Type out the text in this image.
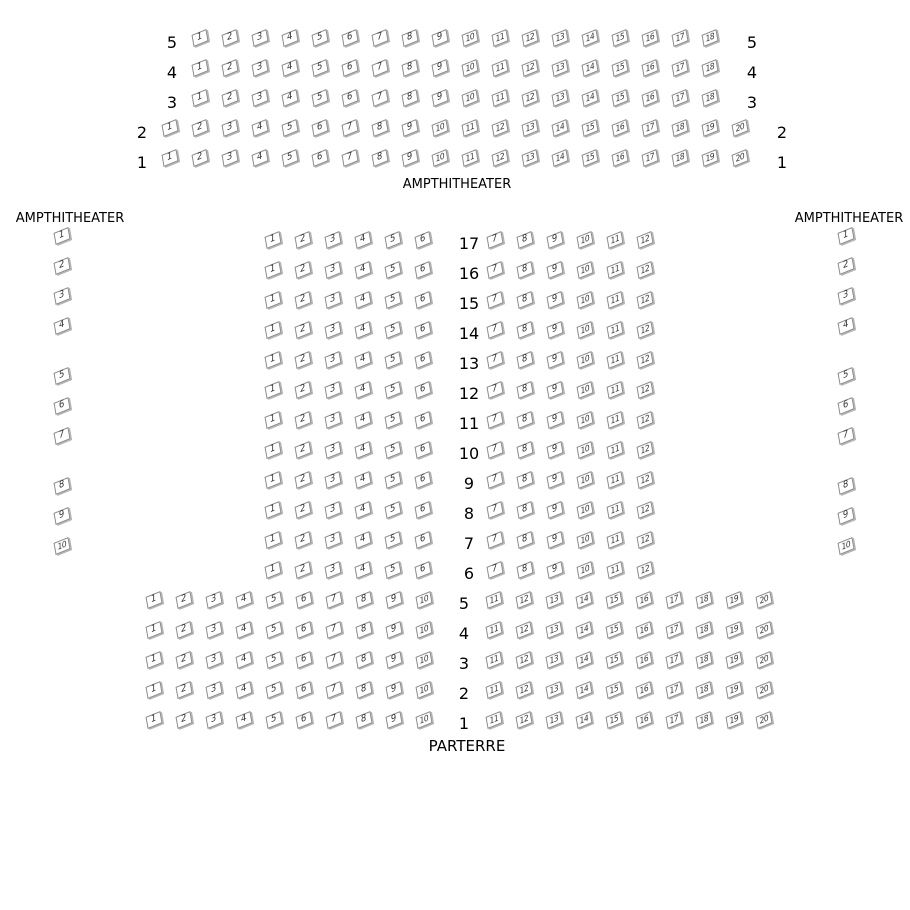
AMPTHITHEATER
AMPTHITHEATER	AMPTHITHEATER
PARTERRE
1	2	3	4	5	6	7	8	9	10	11	12	13	14	15	16	17	18
5	5
1	2	3	4	5	6	7	8	9	10	11	12	13	14	15	16	17	18
4	4
1	2	3	4	5	6	7	8	9	10	11	12	13	14	15	16	17	18
3	3
1	2	3	4	5	6	7	8	9	10	11	12	13	14	15	16	17	18	19	20
2	2
1	2	3	4	5	6	7	8	9	10	11	12	13	14	15	16	17	18	19	20
1	1
1
2
3
4
5
6
7
8
9
10
1
2
3
4
5
6
7
8
9
10
1	2	3	4	5	6	7	8	9	10	11	12
17
1	2	3	4	5	6	7	8	9	10	11	12
16
1	2	3	4	5	6	7	8	9	10	11	12
15
1	2	3	4	5	6	7	8	9	10	11	12
14
1	2	3	4	5	6	7	8	9	10	11	12
13
1	2	3	4	5	6	7	8	9	10	11	12
12
1	2	3	4	5	6	7	8	9	10	11	12
11
1	2	3	4	5	6	7	8	9	10	11	12
10
1	2	3	4	5	6	7	8	9	10	11	12
9
1	2	3	4	5	6	7	8	9	10	11	12
8
1	2	3	4	5	6	7	8	9	10	11	12
7
1	2	3	4	5	6	7	8	9	10	11	12
6
1	2	3	4	5	6	7	8	9	10	11	12	13	14	15	16	17	18	19	20
5
1	2	3	4	5	6	7	8	9	10	11	12	13	14	15	16	17	18	19	20
4
1	2	3	4	5	6	7	8	9	10	11	12	13	14	15	16	17	18	19	20
3
1	2	3	4	5	6	7	8	9	10	11	12	13	14	15	16	17	18	19	20
2
1	2	3	4	5	6	7	8	9	10	11	12	13	14	15	16	17	18	19	20
1
